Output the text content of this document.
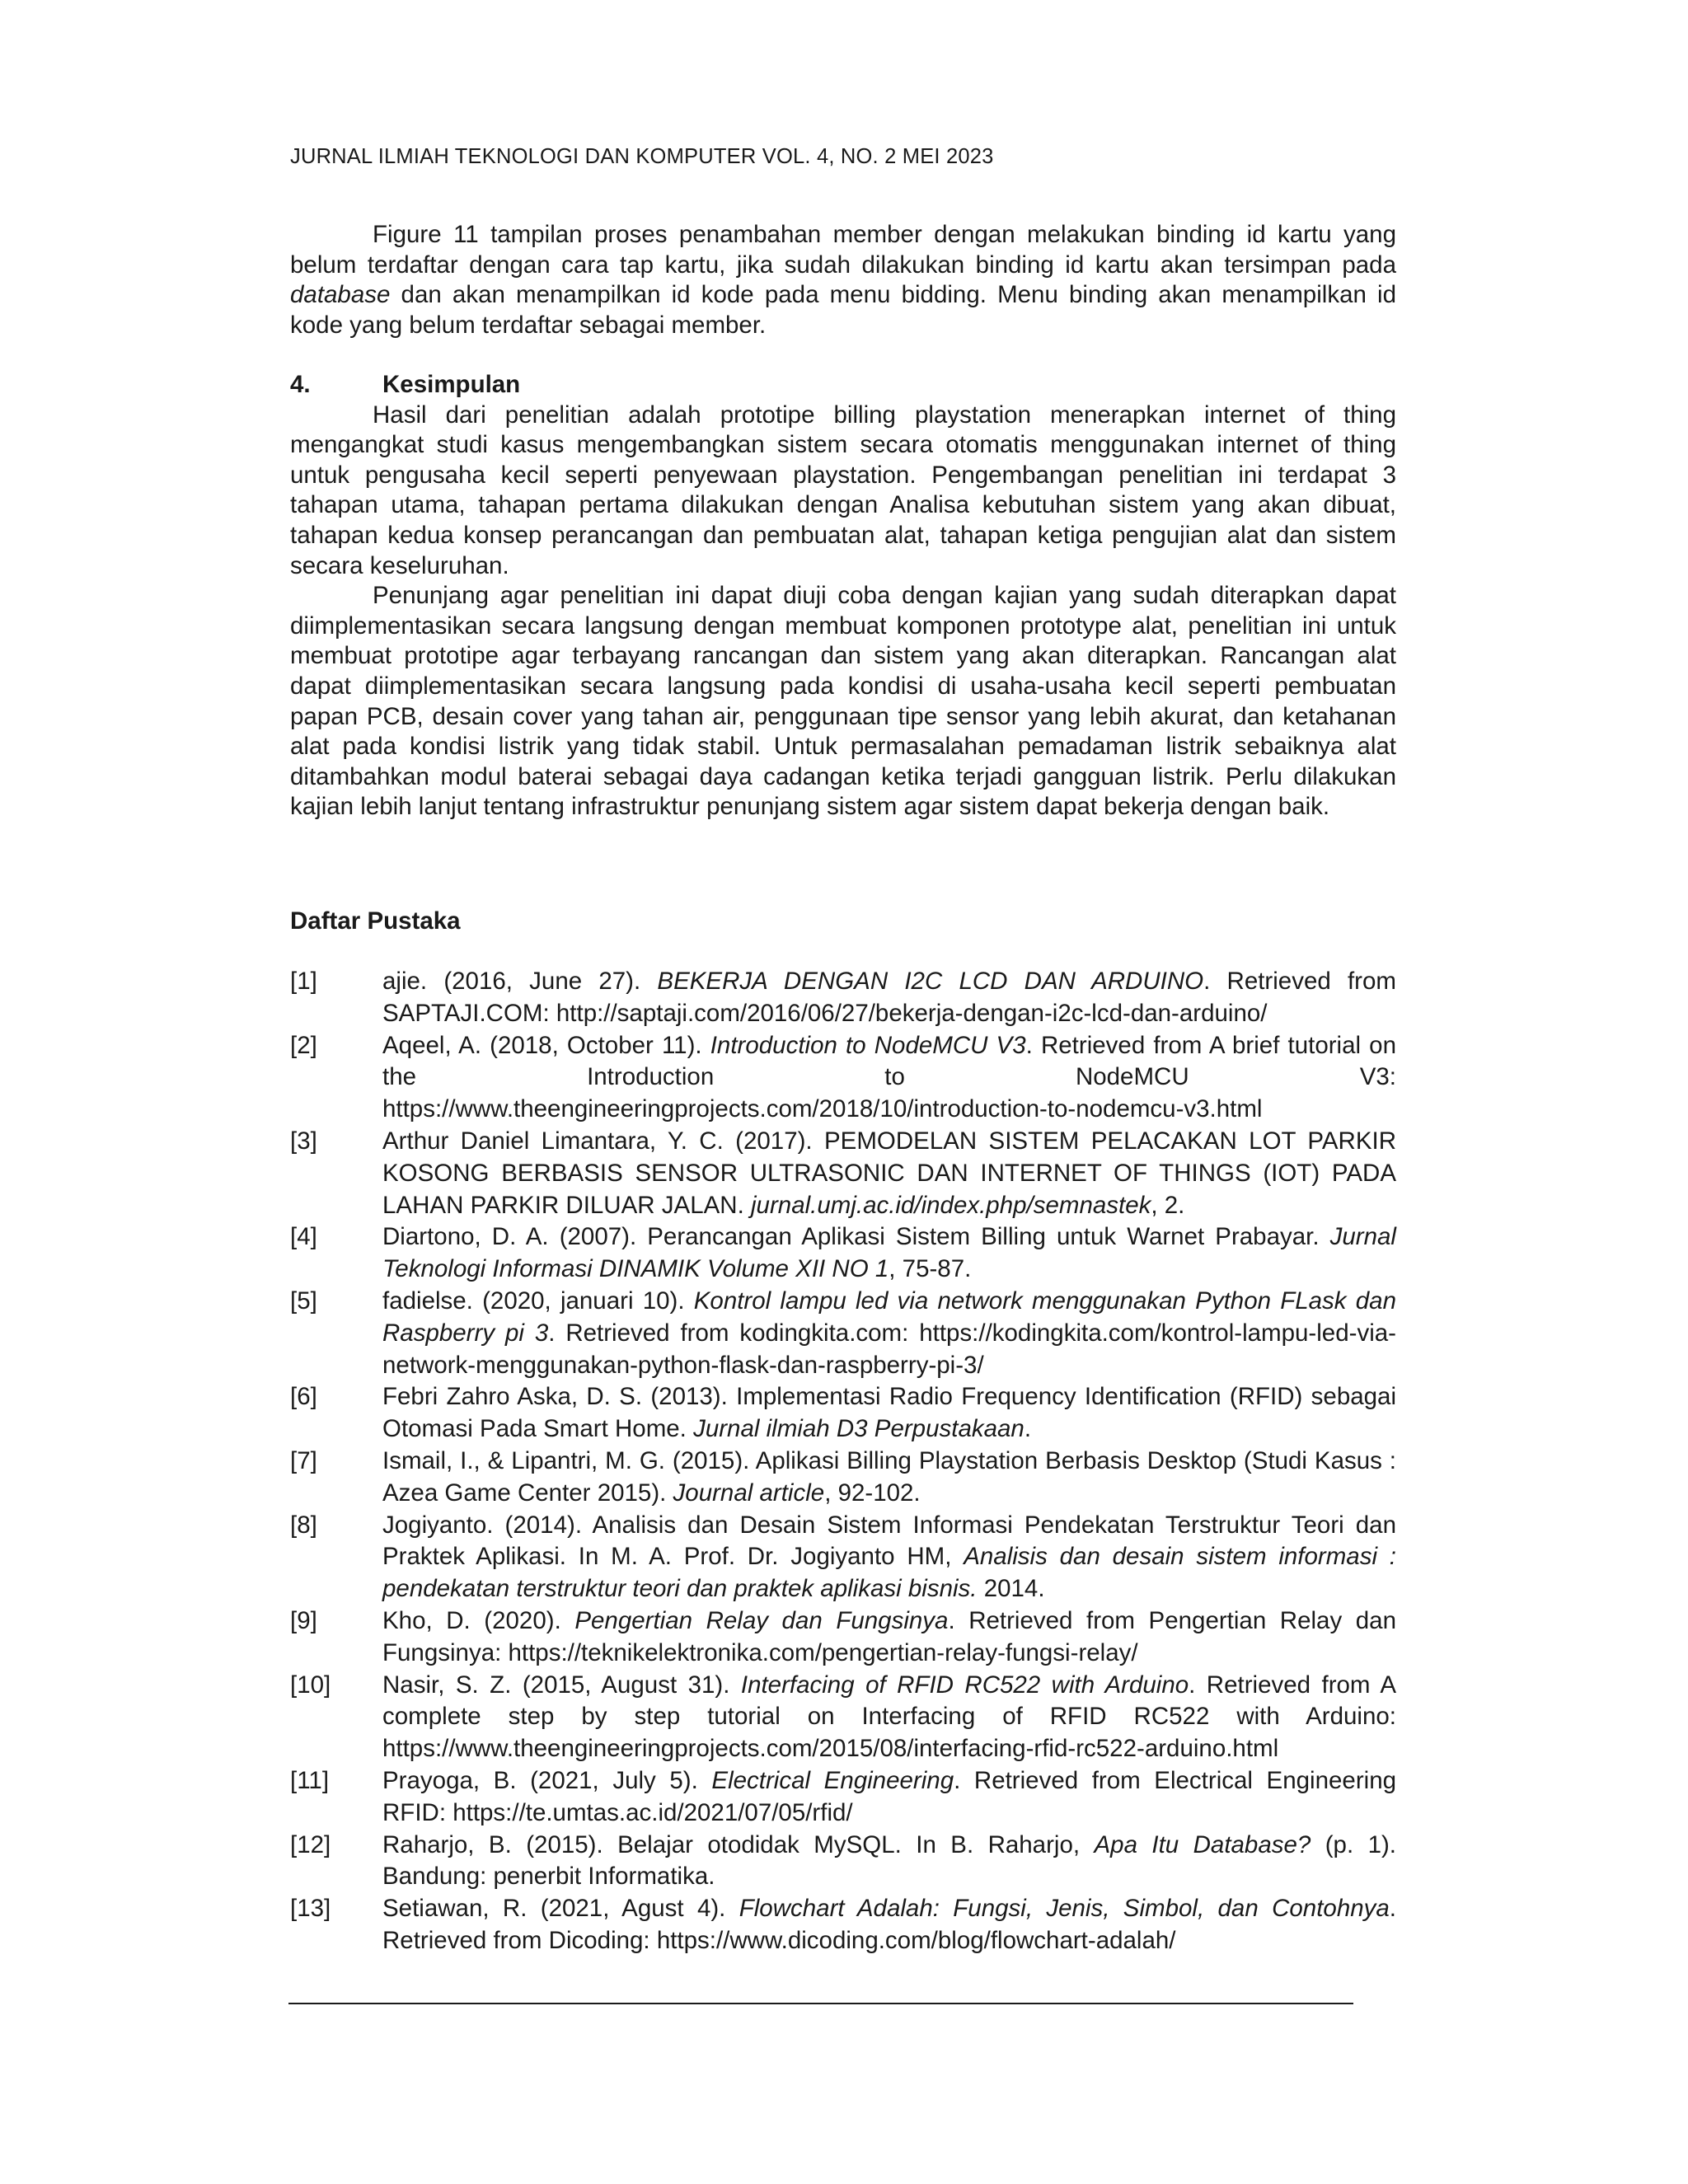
JURNAL ILMIAH TEKNOLOGI DAN KOMPUTER VOL. 4, NO. 2 MEI 2023

Figure 11 tampilan proses penambahan member dengan melakukan binding id kartu yang belum terdaftar dengan cara tap kartu, jika sudah dilakukan binding id kartu akan tersimpan pada database dan akan menampilkan id kode pada menu bidding. Menu binding akan menampilkan id kode yang belum terdaftar sebagai member.

4.	Kesimpulan

Hasil dari penelitian adalah prototipe billing playstation menerapkan internet of thing mengangkat studi kasus mengembangkan sistem secara otomatis menggunakan internet of thing untuk pengusaha kecil seperti penyewaan playstation. Pengembangan penelitian ini terdapat 3 tahapan utama, tahapan pertama dilakukan dengan Analisa kebutuhan sistem yang akan dibuat, tahapan kedua konsep perancangan dan pembuatan alat, tahapan ketiga pengujian alat dan sistem secara keseluruhan.

Penunjang agar penelitian ini dapat diuji coba dengan kajian yang sudah diterapkan dapat diimplementasikan secara langsung dengan membuat komponen prototype alat, penelitian ini untuk membuat prototipe agar terbayang rancangan dan sistem yang akan diterapkan. Rancangan alat dapat diimplementasikan secara langsung pada kondisi di usaha-usaha kecil seperti pembuatan papan PCB, desain cover yang tahan air, penggunaan tipe sensor yang lebih akurat, dan ketahanan alat pada kondisi listrik yang tidak stabil. Untuk permasalahan pemadaman listrik sebaiknya alat ditambahkan modul baterai sebagai daya cadangan ketika terjadi gangguan listrik. Perlu dilakukan kajian lebih lanjut tentang infrastruktur penunjang sistem agar sistem dapat bekerja dengan baik.

Daftar Pustaka
[1]	ajie. (2016, June 27). BEKERJA DENGAN I2C LCD DAN ARDUINO. Retrieved from SAPTAJI.COM: http://saptaji.com/2016/06/27/bekerja-dengan-i2c-lcd-dan-arduino/
[2]	Aqeel, A. (2018, October 11). Introduction to NodeMCU V3. Retrieved from A brief tutorial on the Introduction to NodeMCU V3: https://www.theengineeringprojects.com/2018/10/introduction-to-nodemcu-v3.html
[3]	Arthur Daniel Limantara, Y. C. (2017). PEMODELAN SISTEM PELACAKAN LOT PARKIR KOSONG BERBASIS SENSOR ULTRASONIC DAN INTERNET OF THINGS (IOT) PADA LAHAN PARKIR DILUAR JALAN. jurnal.umj.ac.id/index.php/semnastek, 2.
[4]	Diartono, D. A. (2007). Perancangan Aplikasi Sistem Billing untuk Warnet Prabayar. Jurnal Teknologi Informasi DINAMIK Volume XII NO 1, 75-87.
[5]	fadielse. (2020, januari 10). Kontrol lampu led via network menggunakan Python FLask dan Raspberry pi 3. Retrieved from kodingkita.com: https://kodingkita.com/kontrol-lampu-led-via-network-menggunakan-python-flask-dan-raspberry-pi-3/
[6]	Febri Zahro Aska, D. S. (2013). Implementasi Radio Frequency Identification (RFID) sebagai Otomasi Pada Smart Home. Jurnal ilmiah D3 Perpustakaan.
[7]	Ismail, I., & Lipantri, M. G. (2015). Aplikasi Billing Playstation Berbasis Desktop (Studi Kasus : Azea Game Center 2015). Journal article, 92-102.
[8]	Jogiyanto. (2014). Analisis dan Desain Sistem Informasi Pendekatan Terstruktur Teori dan Praktek Aplikasi. In M. A. Prof. Dr. Jogiyanto HM, Analisis dan desain sistem informasi : pendekatan terstruktur teori dan praktek aplikasi bisnis. 2014.
[9]	Kho, D. (2020). Pengertian Relay dan Fungsinya. Retrieved from Pengertian Relay dan Fungsinya: https://teknikelektronika.com/pengertian-relay-fungsi-relay/
[10]	Nasir, S. Z. (2015, August 31). Interfacing of RFID RC522 with Arduino. Retrieved from A complete step by step tutorial on Interfacing of RFID RC522 with Arduino: https://www.theengineeringprojects.com/2015/08/interfacing-rfid-rc522-arduino.html
[11]	Prayoga, B. (2021, July 5). Electrical Engineering. Retrieved from Electrical Engineering RFID: https://te.umtas.ac.id/2021/07/05/rfid/
[12]	Raharjo, B. (2015). Belajar otodidak MySQL. In B. Raharjo, Apa Itu Database? (p. 1). Bandung: penerbit Informatika.
[13]	Setiawan, R. (2021, Agust 4). Flowchart Adalah: Fungsi, Jenis, Simbol, dan Contohnya. Retrieved from Dicoding: https://www.dicoding.com/blog/flowchart-adalah/
